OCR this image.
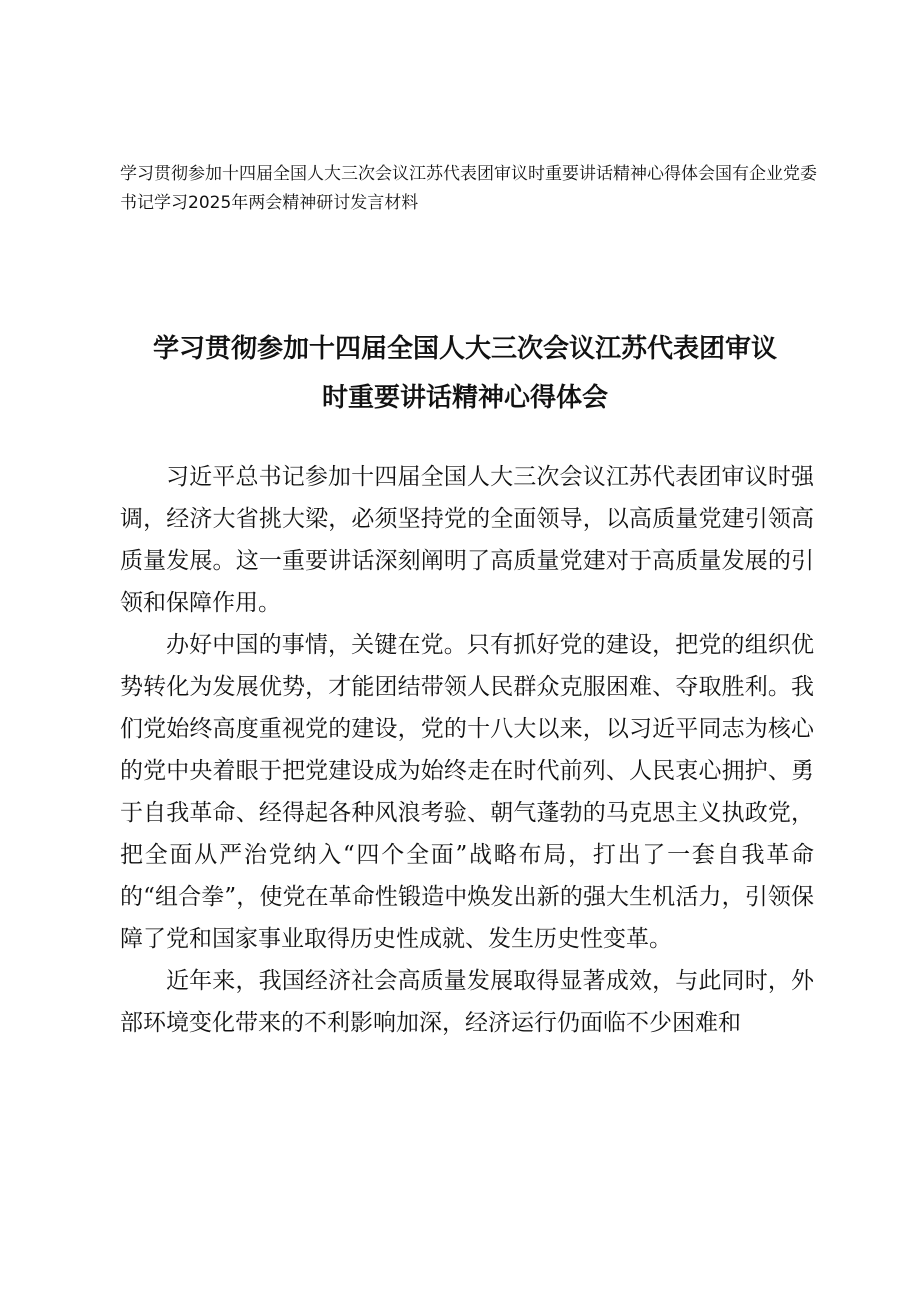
学习贯彻参加十四届全国人大三次会议江苏代表团审议时重要讲话精神心得体会国有企业党委书记学习2025年两会精神研讨发言材料
学习贯彻参加十四届全国人大三次会议江苏代表团审议
时重要讲话精神心得体会

习近平总书记参加十四届全国人大三次会议江苏代表团审议时强调，经济大省挑大梁，必须坚持党的全面领导，以高质量党建引领高质量发展。这一重要讲话深刻阐明了高质量党建对于高质量发展的引领和保障作用。

办好中国的事情，关键在党。只有抓好党的建设，把党的组织优势转化为发展优势，才能团结带领人民群众克服困难、夺取胜利。我们党始终高度重视党的建设，党的十八大以来，以习近平同志为核心的党中央着眼于把党建设成为始终走在时代前列、人民衷心拥护、勇于自我革命、经得起各种风浪考验、朝气蓬勃的马克思主义执政党，把全面从严治党纳入“四个全面”战略布局，打出了一套自我革命的“组合拳”，使党在革命性锻造中焕发出新的强大生机活力，引领保障了党和国家事业取得历史性成就、发生历史性变革。

近年来，我国经济社会高质量发展取得显著成效，与此同时，外部环境变化带来的不利影响加深，经济运行仍面临不少困难和
